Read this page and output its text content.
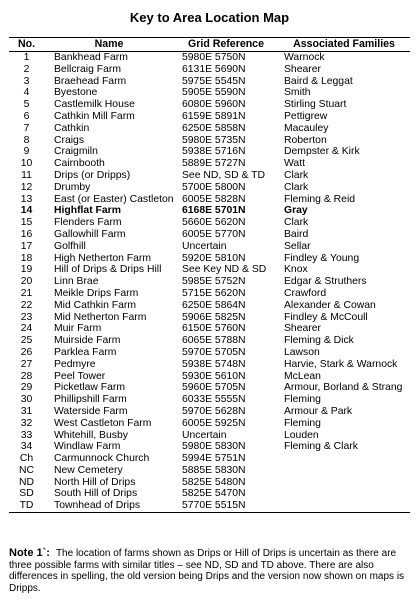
Key to Area Location Map
No.	Name	Grid Reference	Associated Families
1	Bankhead Farm	5980E 5750N	Warnock
2	Bellcraig Farm	6131E 5690N	Shearer
3	Braehead Farm	5975E 5545N	Baird & Leggat
4	Byestone	5905E 5590N	Smith
5	Castlemilk House	6080E 5960N	Stirling Stuart
6	Cathkin Mill Farm	6159E 5891N	Pettigrew
7	Cathkin	6250E 5858N	Macauley
8	Craigs	5980E 5735N	Roberton
9	Craigmiln	5938E 5716N	Dempster & Kirk
10	Cairnbooth	5889E 5727N	Watt
11	Drips (or Dripps)	See ND, SD & TD	Clark
12	Drumby	5700E 5800N	Clark
13	East (or Easter) Castleton	6005E 5828N	Fleming & Reid
14	Highflat Farm	6168E 5701N	Gray
15	Flenders Farm	5660E 5620N	Clark
16	Gallowhill Farm	6005E 5770N	Baird
17	Golfhill	Uncertain	Sellar
18	High Netherton Farm	5920E 5810N	Findley & Young
19	Hill of Drips & Drips Hill	See Key ND & SD	Knox
20	Linn Brae	5985E 5752N	Edgar & Struthers
21	Meikle Drips Farm	5715E 5620N	Crawford
22	Mid Cathkin Farm	6250E 5864N	Alexander & Cowan
23	Mid Netherton Farm	5906E 5825N	Findley & McCoull
24	Muir Farm	6150E 5760N	Shearer
25	Muirside Farm	6065E 5788N	Fleming & Dick
26	Parklea Farm	5970E 5705N	Lawson
27	Pedmyre	5938E 5748N	Harvie, Stark & Warnock
28	Peel Tower	5930E 5610N	McLean
29	Picketlaw Farm	5960E 5705N	Armour, Borland & Strang
30	Phillipshill Farm	6033E 5555N	Fleming
31	Waterside Farm	5970E 5628N	Armour & Park
32	West Castleton Farm	6005E 5925N	Fleming
33	Whitehill, Busby	Uncertain	Louden
34	Windlaw Farm	5980E 5830N	Fleming & Clark
Ch	Carmunnock Church	5994E 5751N	
NC	New Cemetery	5885E 5830N	
ND	North Hill of Drips	5825E 5480N	
SD	South Hill of Drips	5825E 5470N	
TD	Townhead of Drips	5770E 5515N	
Note 1`: The location of farms shown as Drips or Hill of Drips is uncertain as there are three possible farms with similar titles – see ND, SD and TD above. There are also differences in spelling, the old version being Drips and the version now shown on maps is Dripps.
